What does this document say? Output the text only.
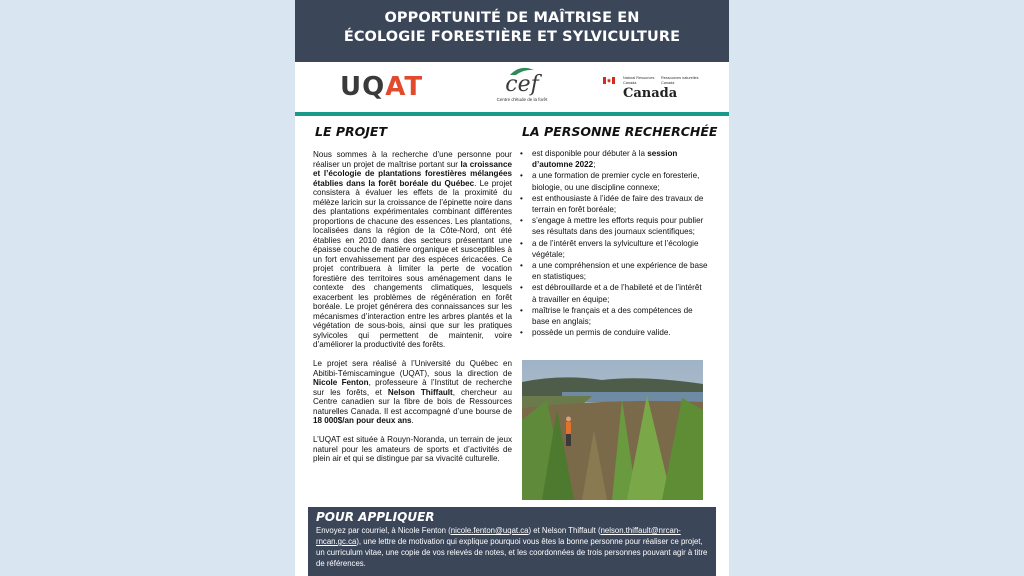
OPPORTUNITÉ DE MAÎTRISE EN
ÉCOLOGIE FORESTIÈRE ET SYLVICULTURE
UQAT	cef
Centre d'étude de la forêt
Natural Resources
Canada
Ressources naturelles
Canada
Canada
LE PROJET	LA PERSONNE RECHERCHÉE

Nous sommes à la recherche d’une personne pour réaliser un projet de maîtrise portant sur la croissance et l’écologie de plantations forestières mélangées établies dans la forêt boréale du Québec. Le projet consistera à évaluer les effets de la proximité du mélèze laricin sur la croissance de l’épinette noire dans des plantations expérimentales combinant différentes proportions de chacune des essences. Les plantations, localisées dans la région de la Côte-Nord, ont été établies en 2010 dans des secteurs présentant une épaisse couche de matière organique et susceptibles à un fort envahissement par des espèces éricacées. Ce projet contribuera à limiter la perte de vocation forestière des territoires sous aménagement dans le contexte des changements climatiques, lesquels exacerbent les problèmes de régénération en forêt boréale. Le projet générera des connaissances sur les mécanismes d’interaction entre les arbres plantés et la végétation de sous-bois, ainsi que sur les pratiques sylvicoles qui permettent de maintenir, voire d’améliorer la productivité des forêts.

Le projet sera réalisé à l’Université du Québec en Abitibi-Témiscamingue (UQAT), sous la direction de Nicole Fenton, professeure à l’Institut de recherche sur les forêts, et Nelson Thiffault, chercheur au Centre canadien sur la fibre de bois de Ressources naturelles Canada. Il est accompagné d’une bourse de 18 000$/an pour deux ans.

L’UQAT est située à Rouyn-Noranda, un terrain de jeux naturel pour les amateurs de sports et d’activités de plein air et qui se distingue par sa vivacité culturelle.

• est disponible pour débuter à la session d’automne 2022;
• a une formation de premier cycle en foresterie, biologie, ou une discipline connexe;
• est enthousiaste à l’idée de faire des travaux de terrain en forêt boréale;
• s’engage à mettre les efforts requis pour publier ses résultats dans des journaux scientifiques;
• a de l’intérêt envers la sylviculture et l’écologie végétale;
• a une compréhension et une expérience de base en statistiques;
• est débrouillarde et a de l’habileté et de l’intérêt à travailler en équipe;
• maîtrise le français et a des compétences de base en anglais;
• possède un permis de conduire valide.
POUR APPLIQUER
Envoyez par courriel, à Nicole Fenton (nicole.fenton@uqat.ca) et Nelson Thiffault (nelson.thiffault@nrcan-rncan.gc.ca), une lettre de motivation qui explique pourquoi vous êtes la bonne personne pour réaliser ce projet, un curriculum vitae, une copie de vos relevés de notes, et les coordonnées de trois personnes pouvant agir à titre de références.
